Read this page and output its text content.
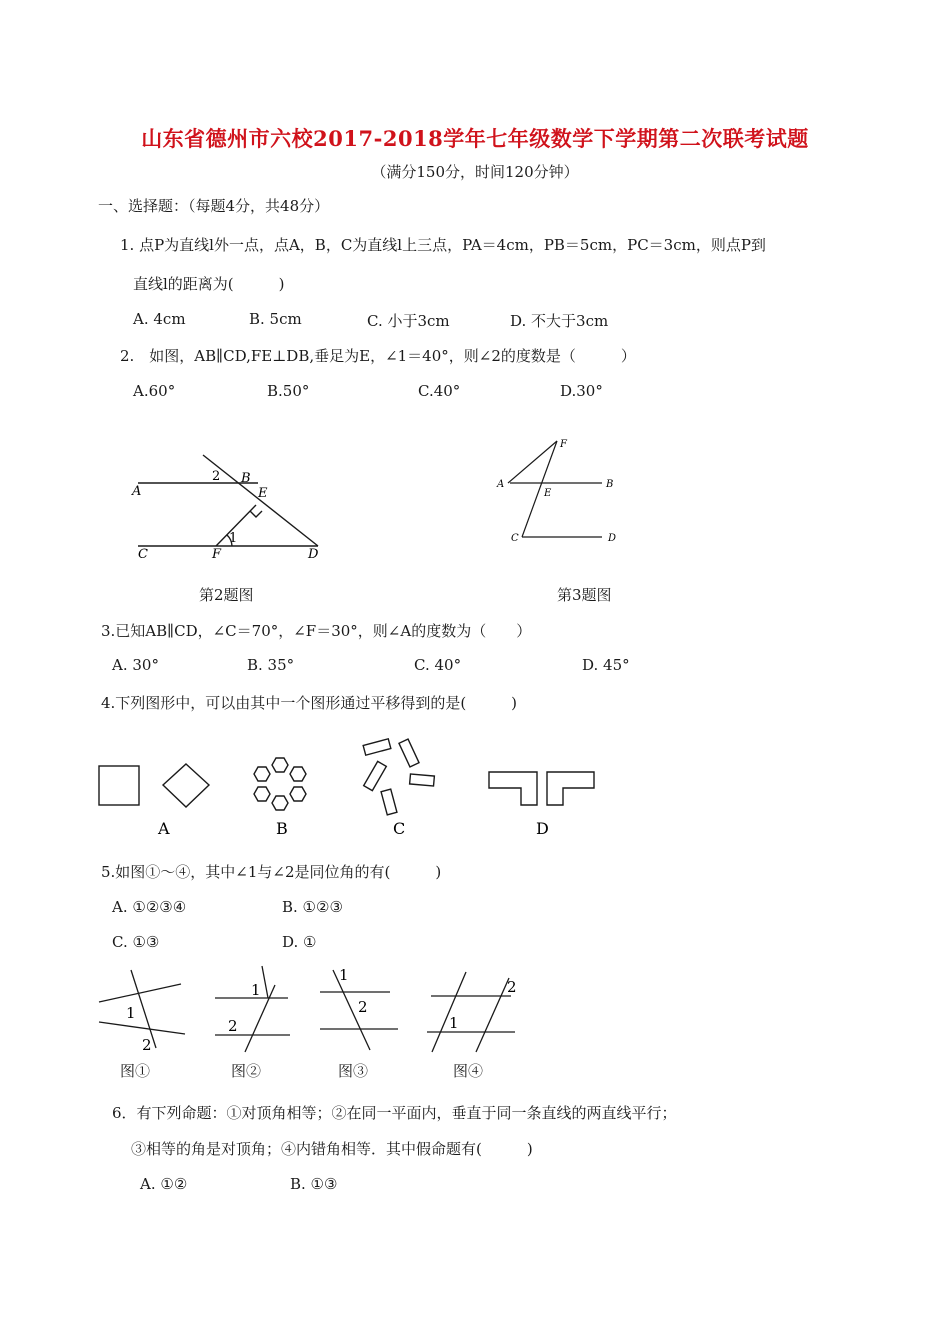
山东省德州市六校2017-2018学年七年级数学下学期第二次联考试题
（满分150分，时间120分钟）
一、选择题：（每题4分，共48分）
1. 点P为直线l外一点，点A，B，C为直线l上三点，PA＝4cm，PB＝5cm，PC＝3cm，则点P到
直线l的距离为(　　　)
A. 4cm	B. 5cm	C. 小于3cm	D. 不大于3cm
2.　如图，AB∥CD,FE⊥DB,垂足为E，∠1＝40°，则∠2的度数是（　　　）
A.60°	B.50°	C.40°	D.30°
A
B
E
C	F	D
1
2
A	B
C	D
E
F
A	B	C	D
1
2
1
2
1
2
1
2
第2题图	第3题图
3.已知AB∥CD，∠C＝70°，∠F＝30°，则∠A的度数为（　　）
A. 30°	B. 35°	C. 40°	D. 45°
4.下列图形中，可以由其中一个图形通过平移得到的是(　　　)
5.如图①～④，其中∠1与∠2是同位角的有(　　　)
A. ①②③④	B. ①②③
C. ①③	D. ①
图①	图②	图③	图④
6．有下列命题：①对顶角相等；②在同一平面内，垂直于同一条直线的两直线平行；
③相等的角是对顶角；④内错角相等．其中假命题有(　　　)
A. ①②	B. ①③
